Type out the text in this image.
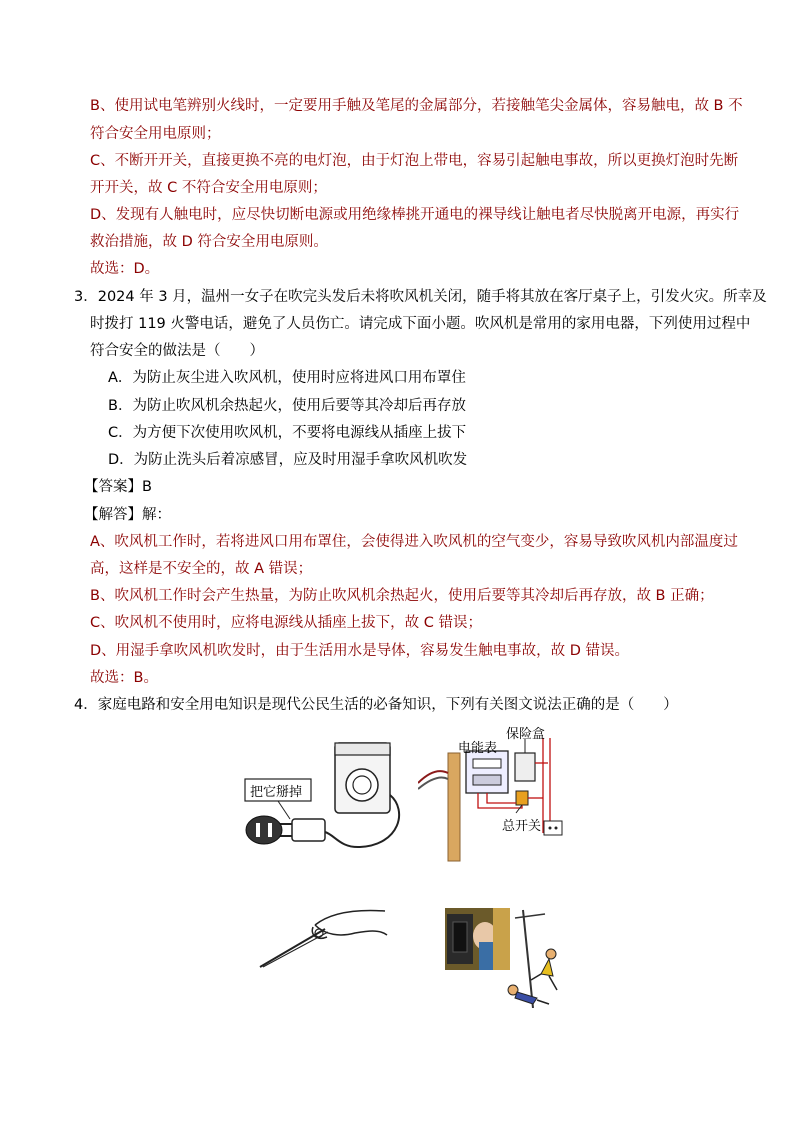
B、使用试电笔辨别火线时，一定要用手触及笔尾的金属部分，若接触笔尖金属体，容易触电，故 B 不
符合安全用电原则；
C、不断开开关，直接更换不亮的电灯泡，由于灯泡上带电，容易引起触电事故，所以更换灯泡时先断
开开关，故 C 不符合安全用电原则；
D、发现有人触电时，应尽快切断电源或用绝缘棒挑开通电的裸导线让触电者尽快脱离开电源，再实行
救治措施，故 D 符合安全用电原则。
故选：D。
3．2024 年 3 月，温州一女子在吹完头发后未将吹风机关闭，随手将其放在客厅桌子上，引发火灾。所幸及
时拨打 119 火警电话，避免了人员伤亡。请完成下面小题。吹风机是常用的家用电器，下列使用过程中
符合安全的做法是（　　）
A．为防止灰尘进入吹风机，使用时应将进风口用布罩住
B．为防止吹风机余热起火，使用后要等其冷却后再存放
C．为方便下次使用吹风机，不要将电源线从插座上拔下
D．为防止洗头后着凉感冒，应及时用湿手拿吹风机吹发
【答案】B
【解答】解：
A、吹风机工作时，若将进风口用布罩住，会使得进入吹风机的空气变少，容易导致吹风机内部温度过
高，这样是不安全的，故 A 错误；
B、吹风机工作时会产生热量，为防止吹风机余热起火，使用后要等其冷却后再存放，故 B 正确；
C、吹风机不使用时，应将电源线从插座上拔下，故 C 错误；
D、用湿手拿吹风机吹发时，由于生活用水是导体，容易发生触电事故，故 D 错误。
故选：B。
4．家庭电路和安全用电知识是现代公民生活的必备知识，下列有关图文说法正确的是（　　）
把它掰掉
电能表
保险盒
总开关
